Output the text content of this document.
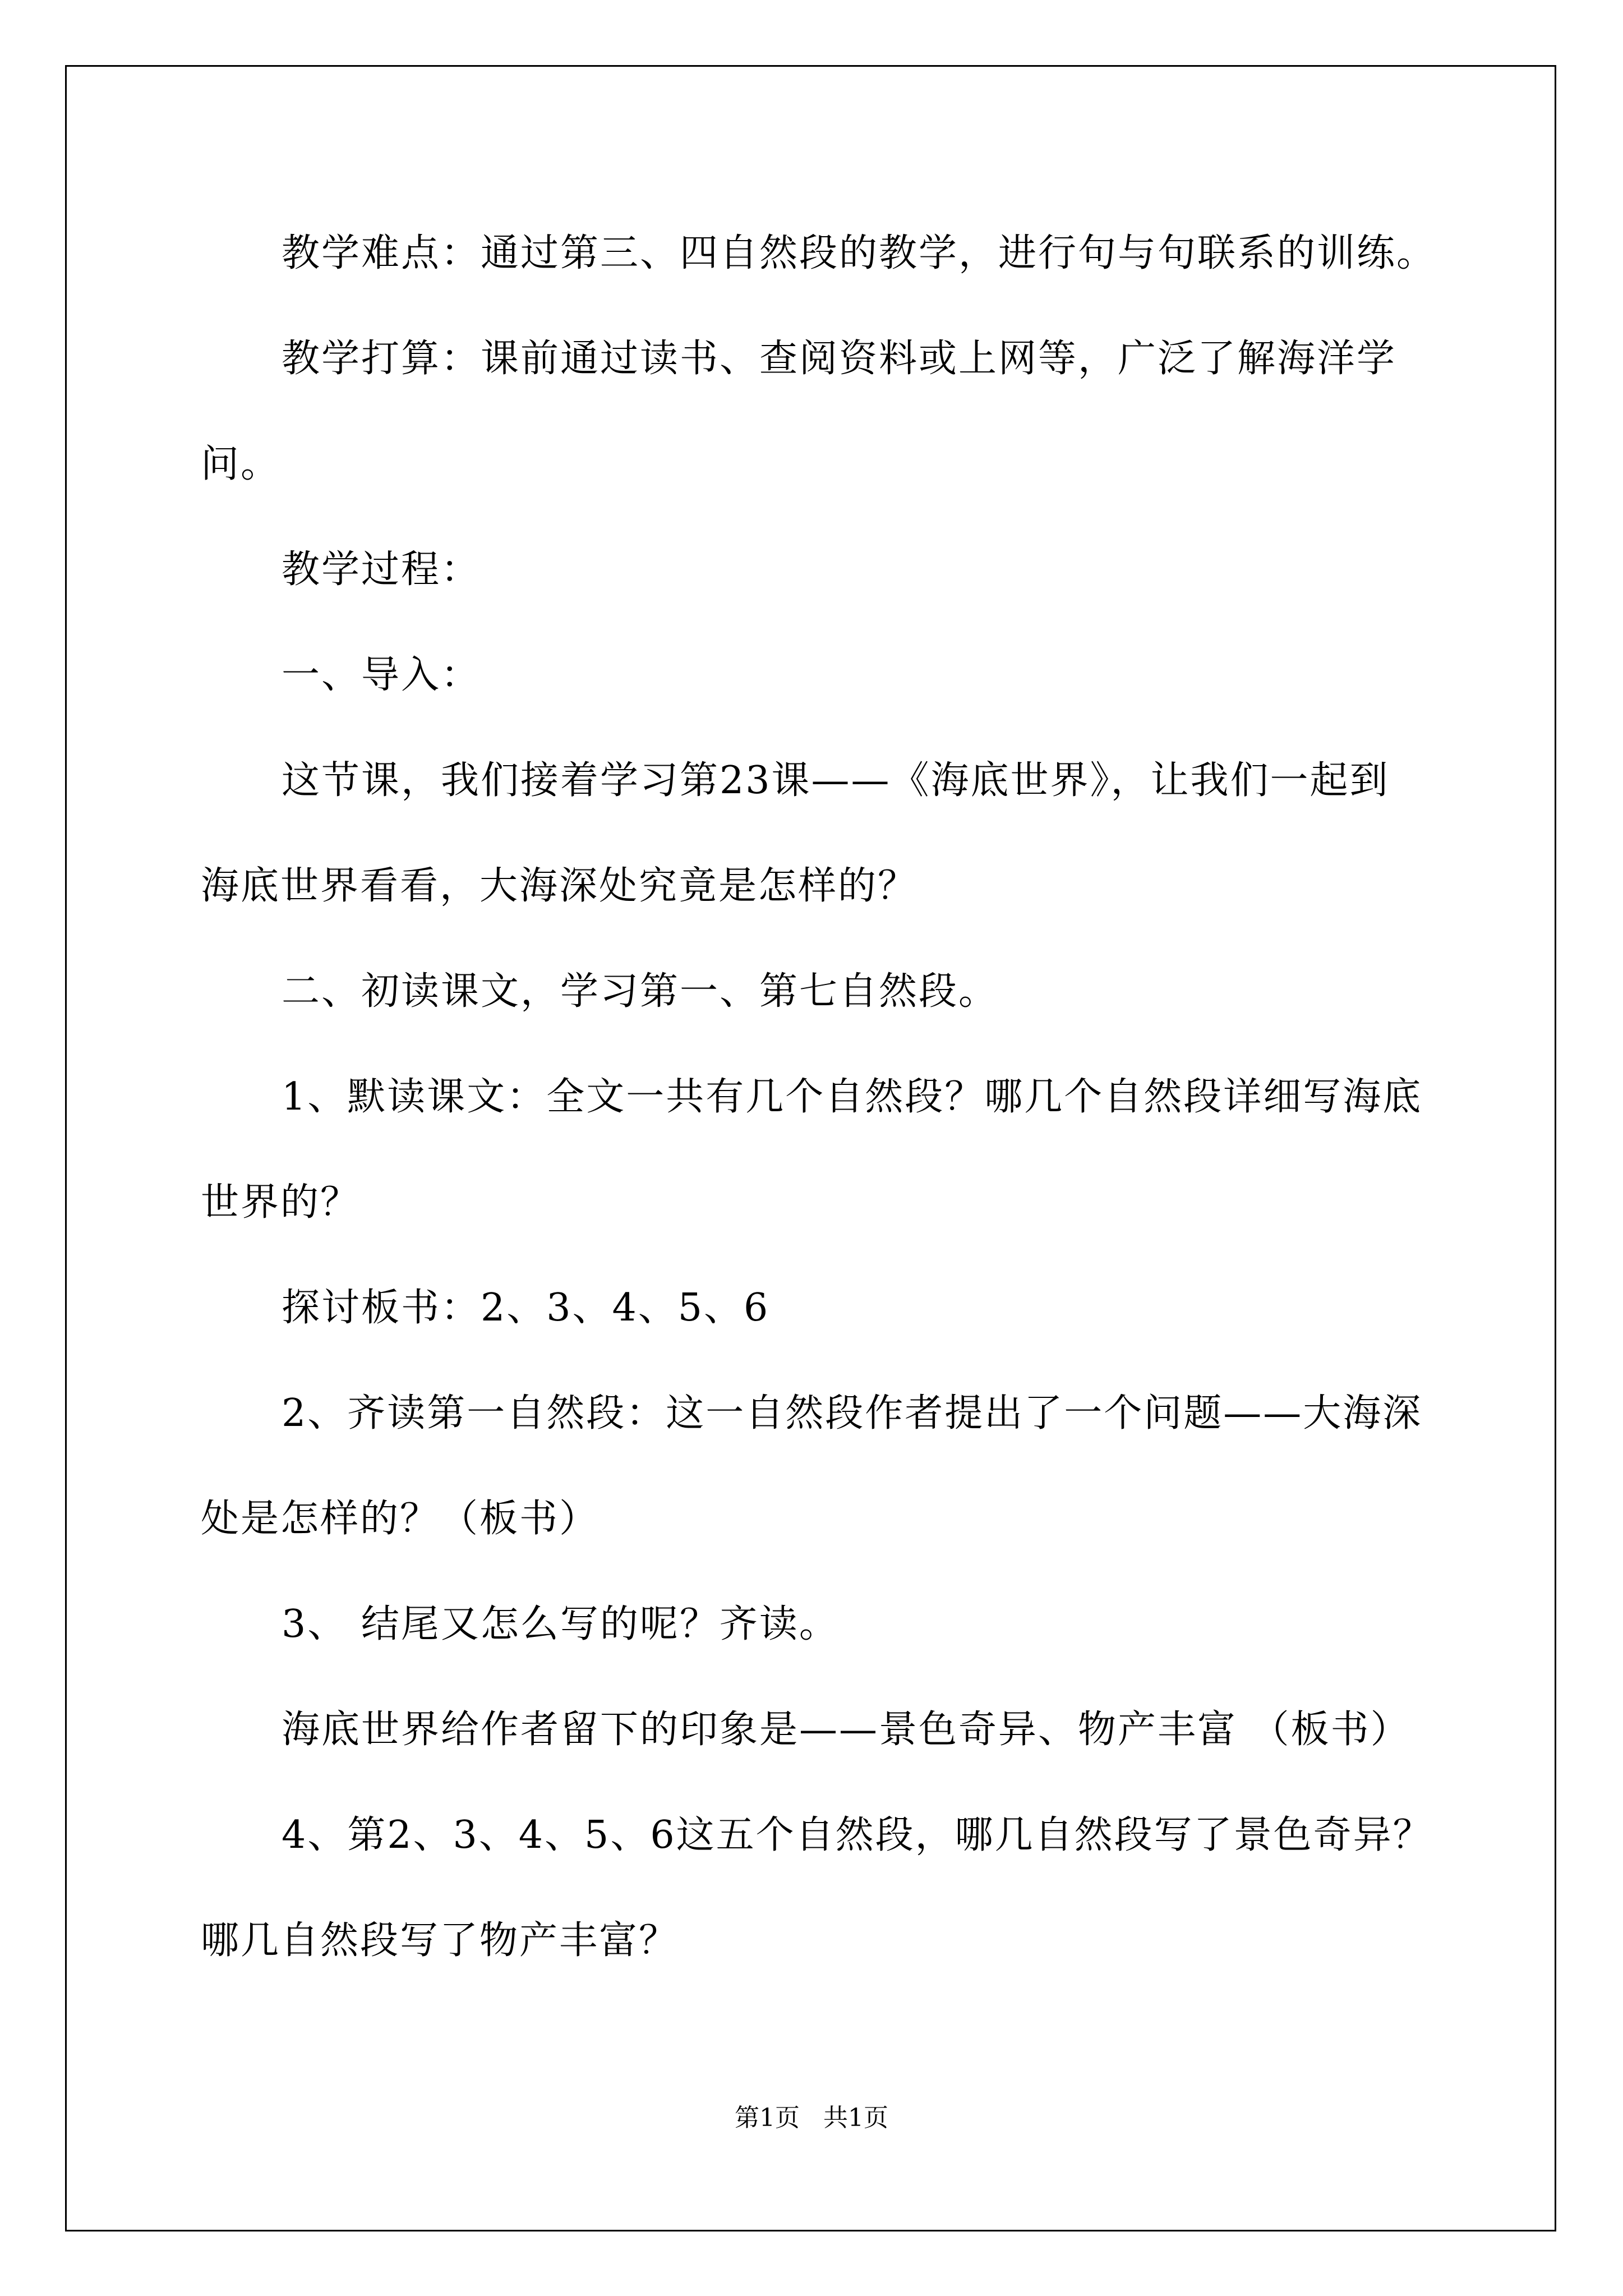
教学难点：通过第三、四自然段的教学，进行句与句联系的训练。

教学打算：课前通过读书、查阅资料或上网等，广泛了解海洋学

问。

教学过程：

一、导入：

这节课，我们接着学习第23课——《海底世界》，让我们一起到

海底世界看看，大海深处究竟是怎样的？

二、初读课文，学习第一、第七自然段。

1、默读课文：全文一共有几个自然段？哪几个自然段详细写海底

世界的？

探讨板书：2、3、4、5、6

2、齐读第一自然段：这一自然段作者提出了一个问题——大海深

处是怎样的？（板书）

3、 结尾又怎么写的呢？齐读。

海底世界给作者留下的印象是——景色奇异、物产丰富 （板书）

4、第2、3、4、5、6这五个自然段，哪几自然段写了景色奇异？

哪几自然段写了物产丰富？

第1页   共1页
